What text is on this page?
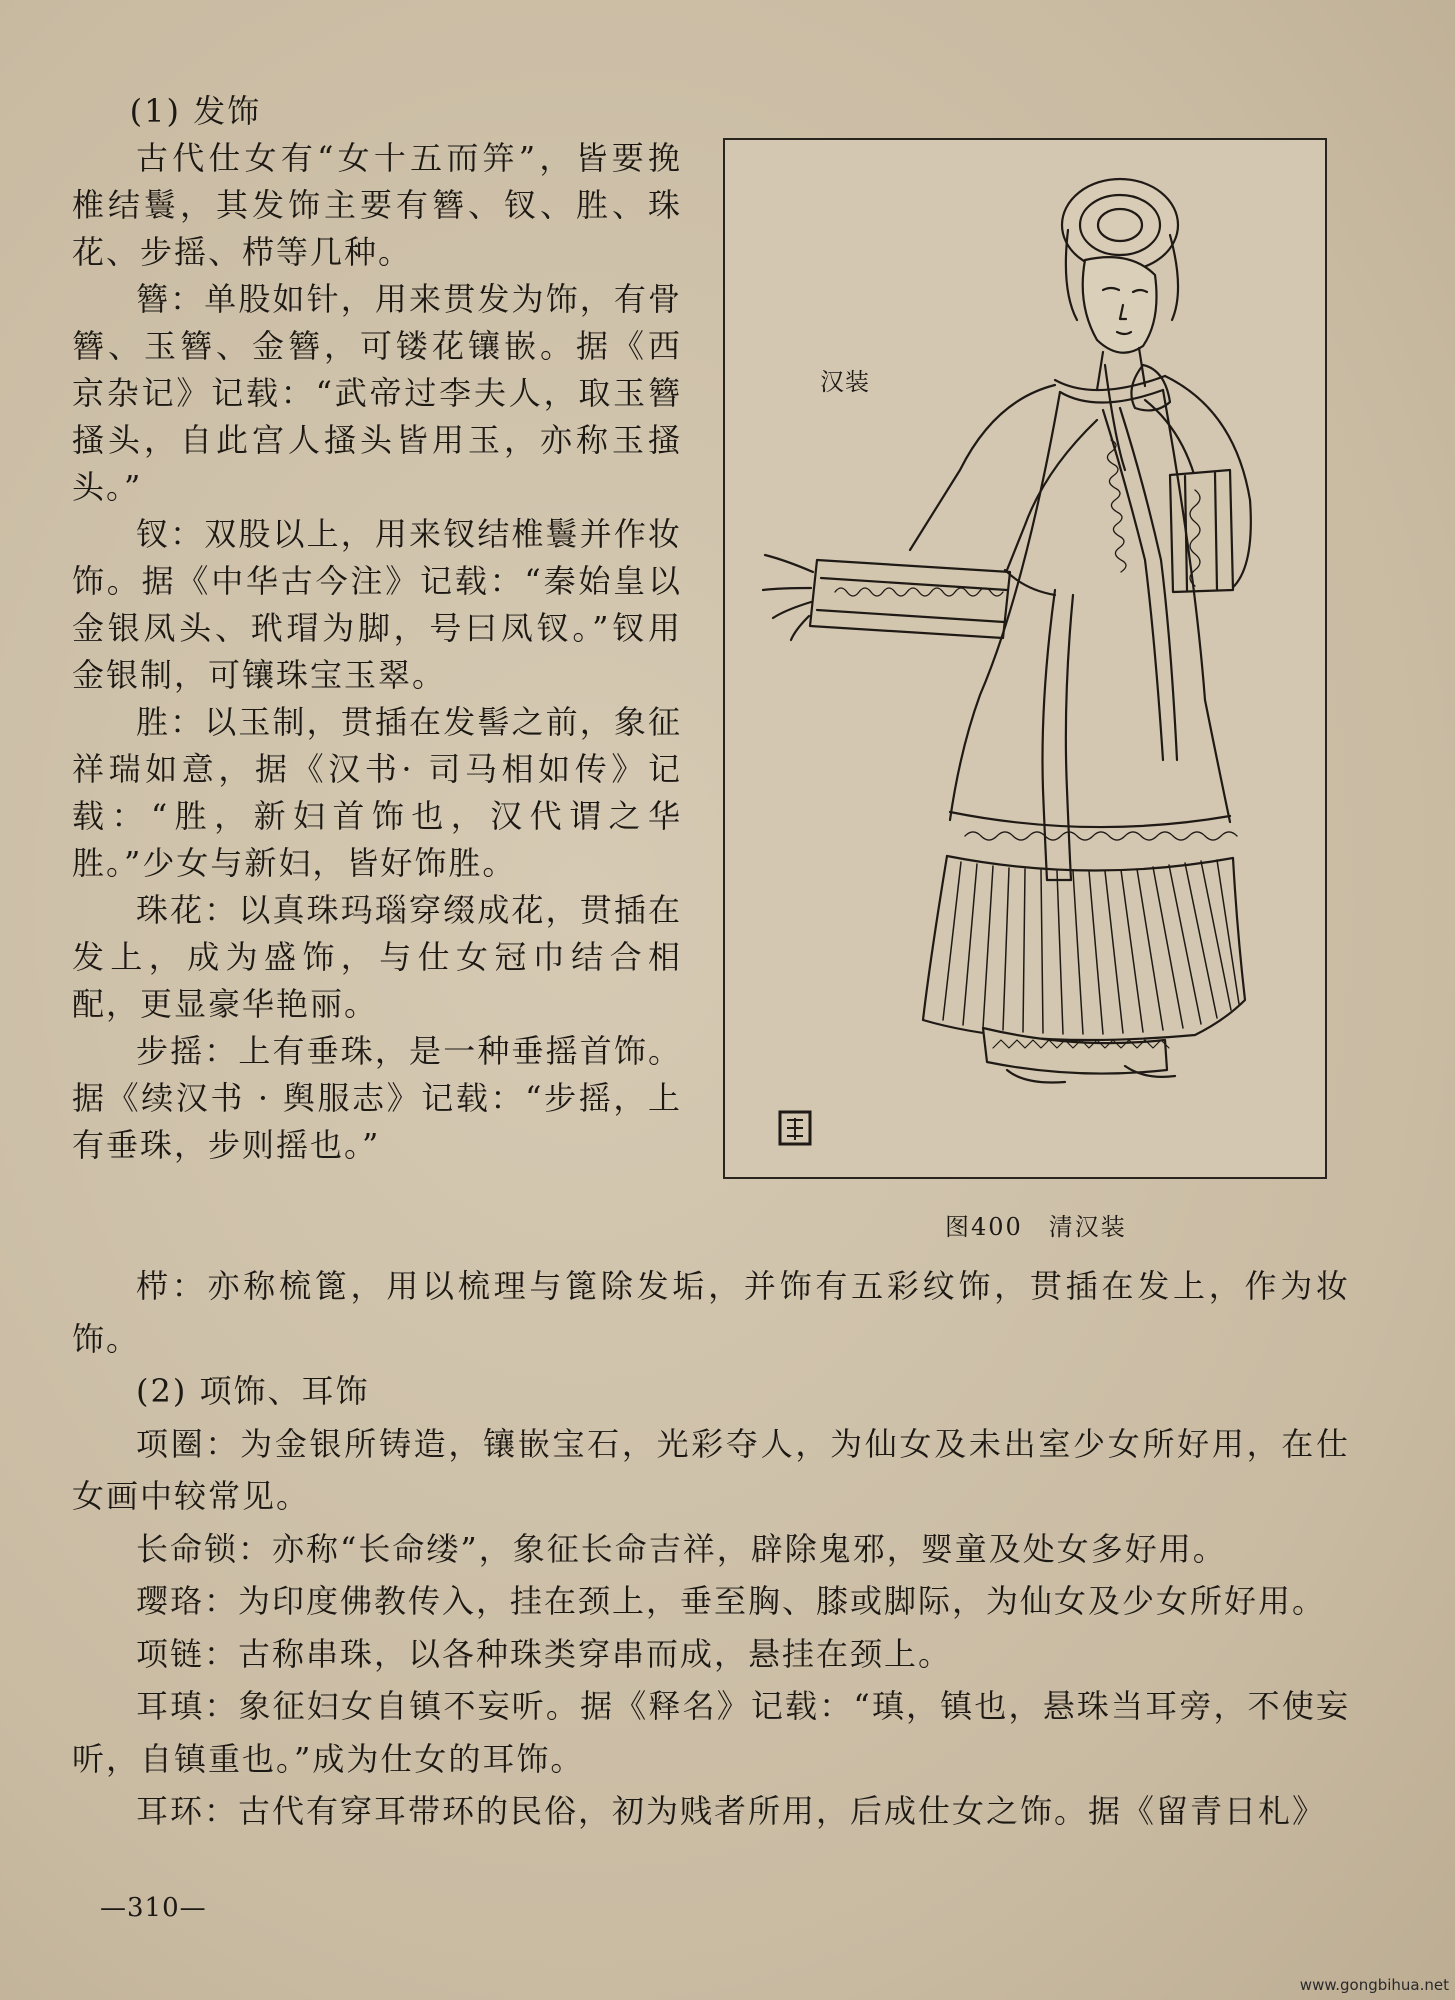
(1) 发饰

古代仕女有“女十五而笄”，皆要挽椎结鬟，其发饰主要有簪、钗、胜、珠花、步摇、栉等几种。

簪：单股如针，用来贯发为饰，有骨簪、玉簪、金簪，可镂花镶嵌。据《西京杂记》记载：“武帝过李夫人，取玉簪搔头，自此宫人搔头皆用玉，亦称玉搔头。”

钗：双股以上，用来钗结椎鬟并作妆饰。据《中华古今注》记载：“秦始皇以金银凤头、玳瑁为脚，号曰凤钗。”钗用金银制，可镶珠宝玉翠。

胜：以玉制，贯插在发髻之前，象征祥瑞如意，据《汉书· 司马相如传》记载：“胜，新妇首饰也，汉代谓之华胜。”少女与新妇，皆好饰胜。

珠花：以真珠玛瑙穿缀成花，贯插在发上，成为盛饰，与仕女冠巾结合相配，更显豪华艳丽。

步摇：上有垂珠，是一种垂摇首饰。据《续汉书 · 舆服志》记载：“步摇，上有垂珠，步则摇也。”

汉装
图400　清汉装

栉：亦称梳篦，用以梳理与篦除发垢，并饰有五彩纹饰，贯插在发上，作为妆饰。

(2) 项饰、耳饰

项圈：为金银所铸造，镶嵌宝石，光彩夺人，为仙女及未出室少女所好用，在仕女画中较常见。

长命锁：亦称“长命缕”，象征长命吉祥，辟除鬼邪，婴童及处女多好用。

璎珞：为印度佛教传入，挂在颈上，垂至胸、膝或脚际，为仙女及少女所好用。

项链：古称串珠，以各种珠类穿串而成，悬挂在颈上。

耳瑱：象征妇女自镇不妄听。据《释名》记载：“瑱，镇也，悬珠当耳旁，不使妄听，自镇重也。”成为仕女的耳饰。

耳环：古代有穿耳带环的民俗，初为贱者所用，后成仕女之饰。据《留青日札》

—310—
www.gongbihua.net
